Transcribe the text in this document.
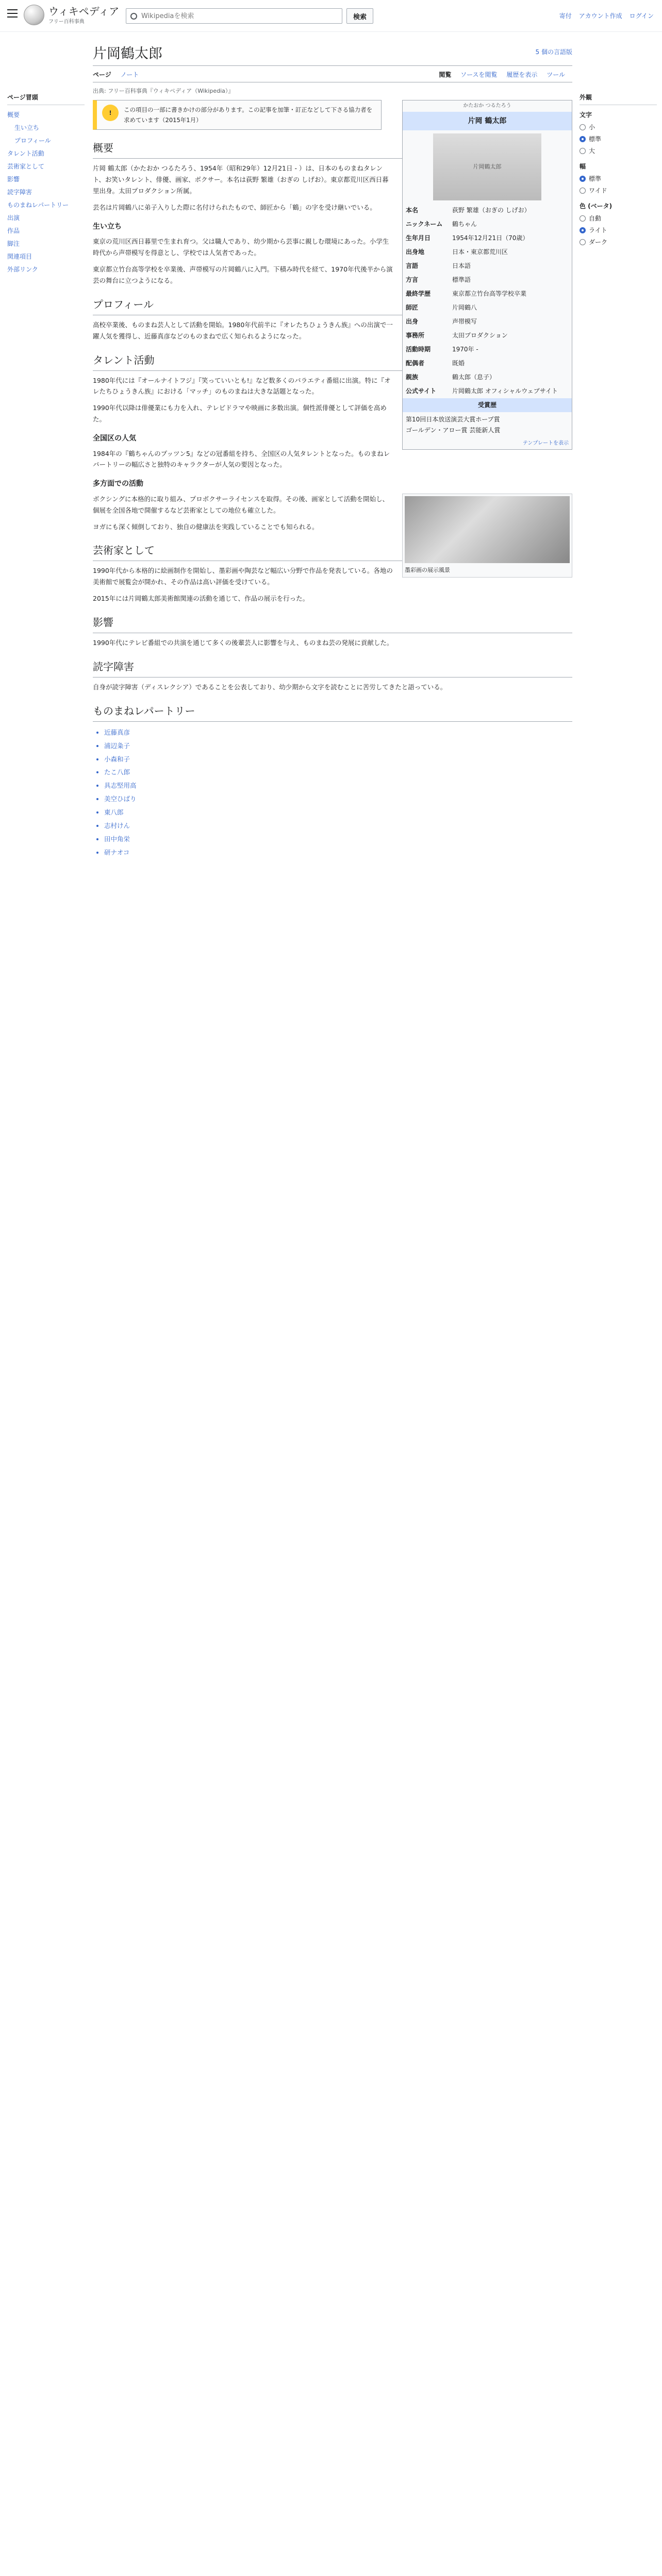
ウィキペディア
フリー百科事典
Wikipediaを検索
検索	寄付 アカウント作成 ログイン
ページ冒頭
概要
生い立ち
プロフィール
タレント活動
芸術家として
影響
読字障害
ものまねレパートリー
出演
作品
脚注
関連項目
外部リンク
外観
文字
小
標準
大
幅
標準
ワイド
色 (ベータ)
自動
ライト
ダーク
片岡鶴太郎	5 個の言語版
ページ ノート	閲覧 ソースを閲覧 履歴を表示 ツール
出典: フリー百科事典『ウィキペディア（Wikipedia）』
かたおか つるたろう
片岡 鶴太郎
片岡鶴太郎
本名	荻野 繁雄（おぎの しげお）
ニックネーム	鶴ちゃん
生年月日	1954年12月21日（70歳）
出身地	日本・東京都荒川区
言語	日本語
方言	標準語
最終学歴	東京都立竹台高等学校卒業
師匠	片岡鶴八
出身	声帯模写
事務所	太田プロダクション
活動時期	1970年 -
配偶者	既婚
親族	鶴太郎（息子）
公式サイト	片岡鶴太郎 オフィシャルウェブサイト
受賞歴
第10回日本放送演芸大賞ホープ賞
ゴールデン・アロー賞 芸能新人賞
テンプレートを表示
!	この項目の一部に書きかけの部分があります。この記事を加筆・訂正などして下さる協力者を求めています（2015年1月）
概要

片岡 鶴太郎（かたおか つるたろう、1954年（昭和29年）12月21日 - ）は、日本のものまねタレント、お笑いタレント、俳優、画家、ボクサー。本名は荻野 繁雄（おぎの しげお）。東京都荒川区西日暮里出身。太田プロダクション所属。

芸名は片岡鶴八に弟子入りした際に名付けられたもので、師匠から「鶴」の字を受け継いでいる。

生い立ち

東京の荒川区西日暮里で生まれ育つ。父は職人であり、幼少期から芸事に親しむ環境にあった。小学生時代から声帯模写を得意とし、学校では人気者であった。

東京都立竹台高等学校を卒業後、声帯模写の片岡鶴八に入門。下積み時代を経て、1970年代後半から演芸の舞台に立つようになる。

プロフィール

高校卒業後、ものまね芸人として活動を開始。1980年代前半に『オレたちひょうきん族』への出演で一躍人気を獲得し、近藤真彦などのものまねで広く知られるようになった。

タレント活動

1980年代には『オールナイトフジ』『笑っていいとも!』など数多くのバラエティ番組に出演。特に『オレたちひょうきん族』における「マッチ」のものまねは大きな話題となった。

1990年代以降は俳優業にも力を入れ、テレビドラマや映画に多数出演。個性派俳優として評価を高めた。

全国区の人気

1984年の『鶴ちゃんのプッツン5』などの冠番組を持ち、全国区の人気タレントとなった。ものまねレパートリーの幅広さと独特のキャラクターが人気の要因となった。

多方面での活動
墨彩画の展示風景

ボクシングに本格的に取り組み、プロボクサーライセンスを取得。その後、画家として活動を開始し、個展を全国各地で開催するなど芸術家としての地位も確立した。

ヨガにも深く傾倒しており、独自の健康法を実践していることでも知られる。

芸術家として

1990年代から本格的に絵画制作を開始し、墨彩画や陶芸など幅広い分野で作品を発表している。各地の美術館で展覧会が開かれ、その作品は高い評価を受けている。

2015年には片岡鶴太郎美術館関連の活動を通じて、作品の展示を行った。

影響

1990年代にテレビ番組での共演を通じて多くの後輩芸人に影響を与え、ものまね芸の発展に貢献した。

読字障害

自身が読字障害（ディスレクシア）であることを公表しており、幼少期から文字を読むことに苦労してきたと語っている。

ものまねレパートリー
• 近藤真彦
• 浦辺粂子
• 小森和子
• たこ八郎
• 具志堅用高
• 美空ひばり
• 東八郎
• 志村けん
• 田中角栄
• 研ナオコ
